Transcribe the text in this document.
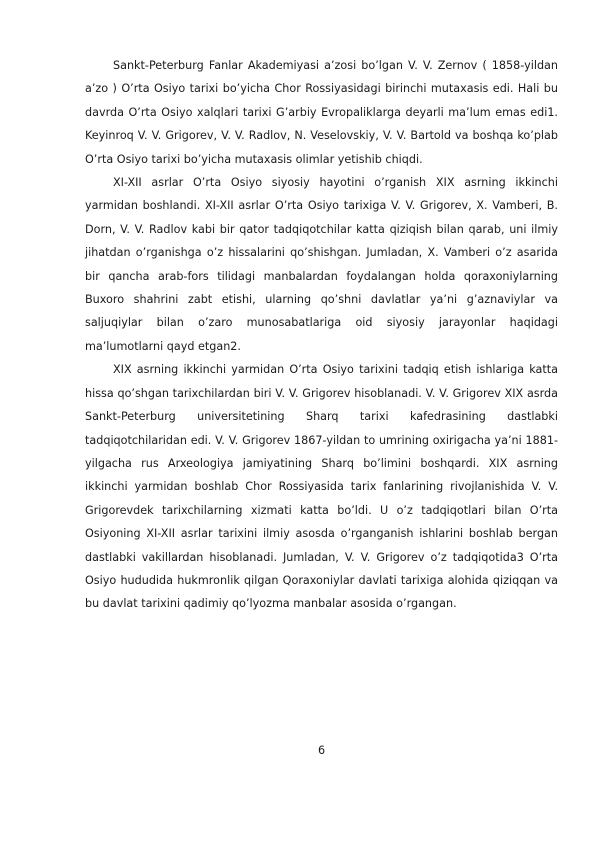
Sankt-Peterburg Fanlar Akademiyasi a’zosi bo’lgan V. V. Zernov ( 1858-yildan a’zo ) O’rta Osiyo tarixi bo’yicha Chor Rossiyasidagi birinchi mutaxasis edi. Hali bu davrda O’rta Osiyo xalqlari tarixi G’arbiy Evropaliklarga deyarli ma’lum emas edi1. Keyinroq V. V. Grigorev, V. V. Radlov, N. Veselovskiy, V. V. Bartold va boshqa ko’plab O’rta Osiyo tarixi bo’yicha mutaxasis olimlar yetishib chiqdi.

XI-XII asrlar O’rta Osiyo siyosiy hayotini o’rganish XIX asrning ikkinchi yarmidan boshlandi. XI-XII asrlar O’rta Osiyo tarixiga V. V. Grigorev, X. Vamberi, B. Dorn, V. V. Radlov kabi bir qator tadqiqotchilar katta qiziqish bilan qarab, uni ilmiy jihatdan o’rganishga o’z hissalarini qo’shishgan. Jumladan, X. Vamberi o’z asarida bir qancha arab-fors tilidagi manbalardan foydalangan holda qoraxoniylarning Buxoro shahrini zabt etishi, ularning qo’shni davlatlar ya’ni g’aznaviylar va saljuqiylar bilan o’zaro munosabatlariga oid siyosiy jarayonlar haqidagi ma’lumotlarni qayd etgan2.

XIX asrning ikkinchi yarmidan O’rta Osiyo tarixini tadqiq etish ishlariga katta hissa qo’shgan tarixchilardan biri V. V. Grigorev hisoblanadi. V. V. Grigorev XIX asrda Sankt-Peterburg universitetining Sharq tarixi kafedrasining dastlabki tadqiqotchilaridan edi. V. V. Grigorev 1867-yildan to umrining oxirigacha ya’ni 1881-yilgacha rus Arxeologiya jamiyatining Sharq bo’limini boshqardi. XIX asrning ikkinchi yarmidan boshlab Chor Rossiyasida tarix fanlarining rivojlanishida V. V. Grigorevdek tarixchilarning xizmati katta bo’ldi. U o’z tadqiqotlari bilan O’rta Osiyoning XI-XII asrlar tarixini ilmiy asosda o’rganganish ishlarini boshlab bergan dastlabki vakillardan hisoblanadi. Jumladan, V. V. Grigorev o’z tadqiqotida3 O’rta Osiyo hududida hukmronlik qilgan Qoraxoniylar davlati tarixiga alohida qiziqqan va bu davlat tarixini qadimiy qo’lyozma manbalar asosida o’rgangan.

6
